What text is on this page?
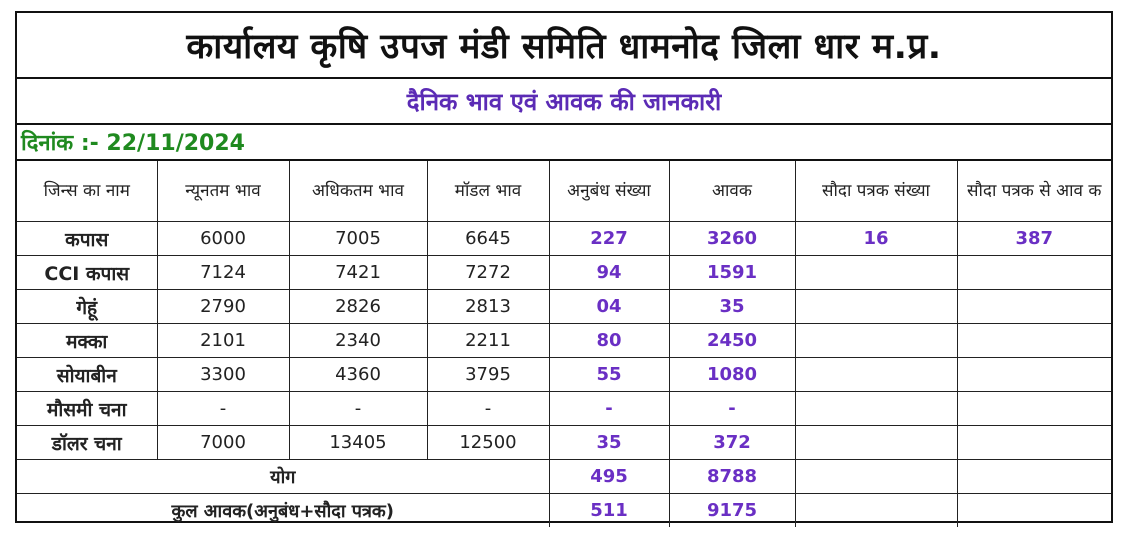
कार्यालय कृषि उपज मंडी समिति धामनोद जिला धार म.प्र.
दैनिक भाव एवं आवक की जानकारी
दिनांक :- 22/11/2024
जिन्स का नाम	न्यूनतम भाव	अधिकतम भाव	मॉडल भाव	अनुबंध संख्या	आवक	सौदा पत्रक संख्या	सौदा पत्रक से आव क
कपास	6000	7005	6645	227	3260	16	387
CCI कपास	7124	7421	7272	94	1591		
गेहूं	2790	2826	2813	04	35		
मक्का	2101	2340	2211	80	2450		
सोयाबीन	3300	4360	3795	55	1080		
मौसमी चना	-	-	-	-	-		
डॉलर चना	7000	13405	12500	35	372		
योग				495	8788		
कुल आवक(अनुबंध+सौदा पत्रक)				511	9175		
